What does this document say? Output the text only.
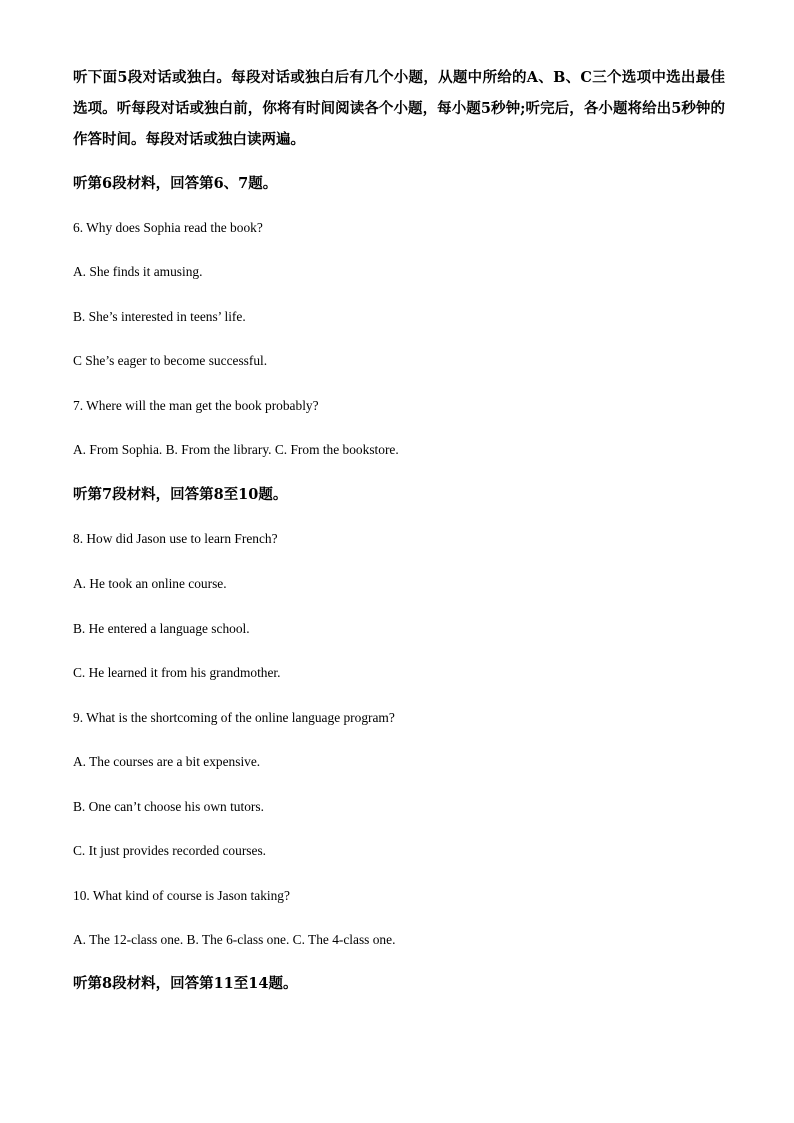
听下面5段对话或独白。每段对话或独白后有几个小题，从题中所给的A、B、C三个选项中选出最佳选项。听每段对话或独白前，你将有时间阅读各个小题，每小题5秒钟;听完后，各小题将给出5秒钟的作答时间。每段对话或独白读两遍。
听第6段材料，回答第6、7题。
6. Why does Sophia read the book?
A. She finds it amusing.
B. She’s interested in teens’ life.
C She’s eager to become successful.
7. Where will the man get the book probably?
A. From Sophia. B. From the library. C. From the bookstore.
听第7段材料，回答第8至10题。
8. How did Jason use to learn French?
A. He took an online course.
B. He entered a language school.
C. He learned it from his grandmother.
9. What is the shortcoming of the online language program?
A. The courses are a bit expensive.
B. One can’t choose his own tutors.
C. It just provides recorded courses.
10. What kind of course is Jason taking?
A. The 12-class one. B. The 6-class one. C. The 4-class one.
听第8段材料，回答第11至14题。
